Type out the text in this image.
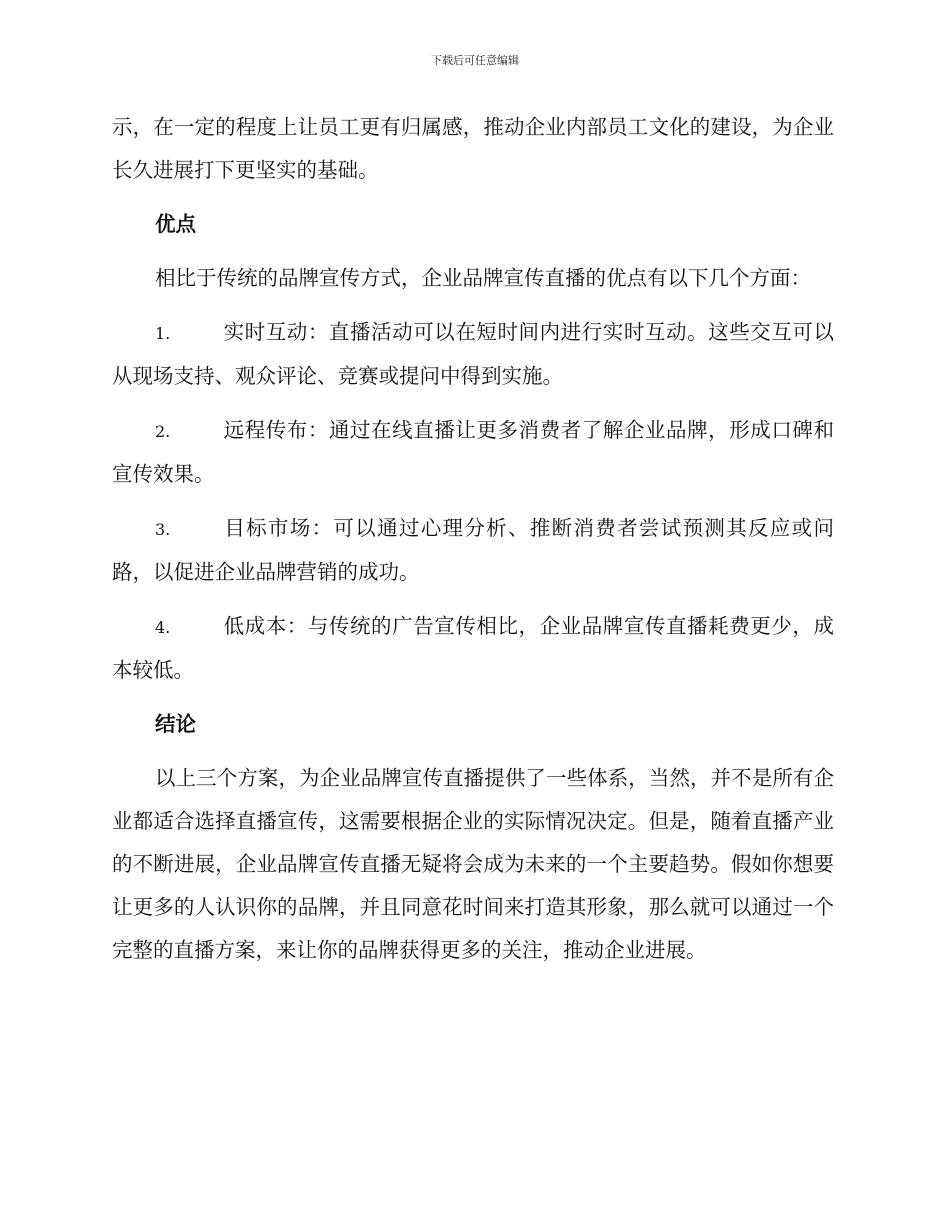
下载后可任意编辑

示，在一定的程度上让员工更有归属感，推动企业内部员工文化的建设，为企业长久进展打下更坚实的基础。

优点

相比于传统的品牌宣传方式，企业品牌宣传直播的优点有以下几个方面：

1.	实时互动：直播活动可以在短时间内进行实时互动。这些交互可以从现场支持、观众评论、竞赛或提问中得到实施。

2.	远程传布：通过在线直播让更多消费者了解企业品牌，形成口碑和宣传效果。

3.	目标市场：可以通过心理分析、推断消费者尝试预测其反应或问路，以促进企业品牌营销的成功。

4.	低成本：与传统的广告宣传相比，企业品牌宣传直播耗费更少，成本较低。

结论

以上三个方案，为企业品牌宣传直播提供了一些体系，当然，并不是所有企业都适合选择直播宣传，这需要根据企业的实际情况决定。但是，随着直播产业的不断进展，企业品牌宣传直播无疑将会成为未来的一个主要趋势。假如你想要让更多的人认识你的品牌，并且同意花时间来打造其形象，那么就可以通过一个完整的直播方案，来让你的品牌获得更多的关注，推动企业进展。
